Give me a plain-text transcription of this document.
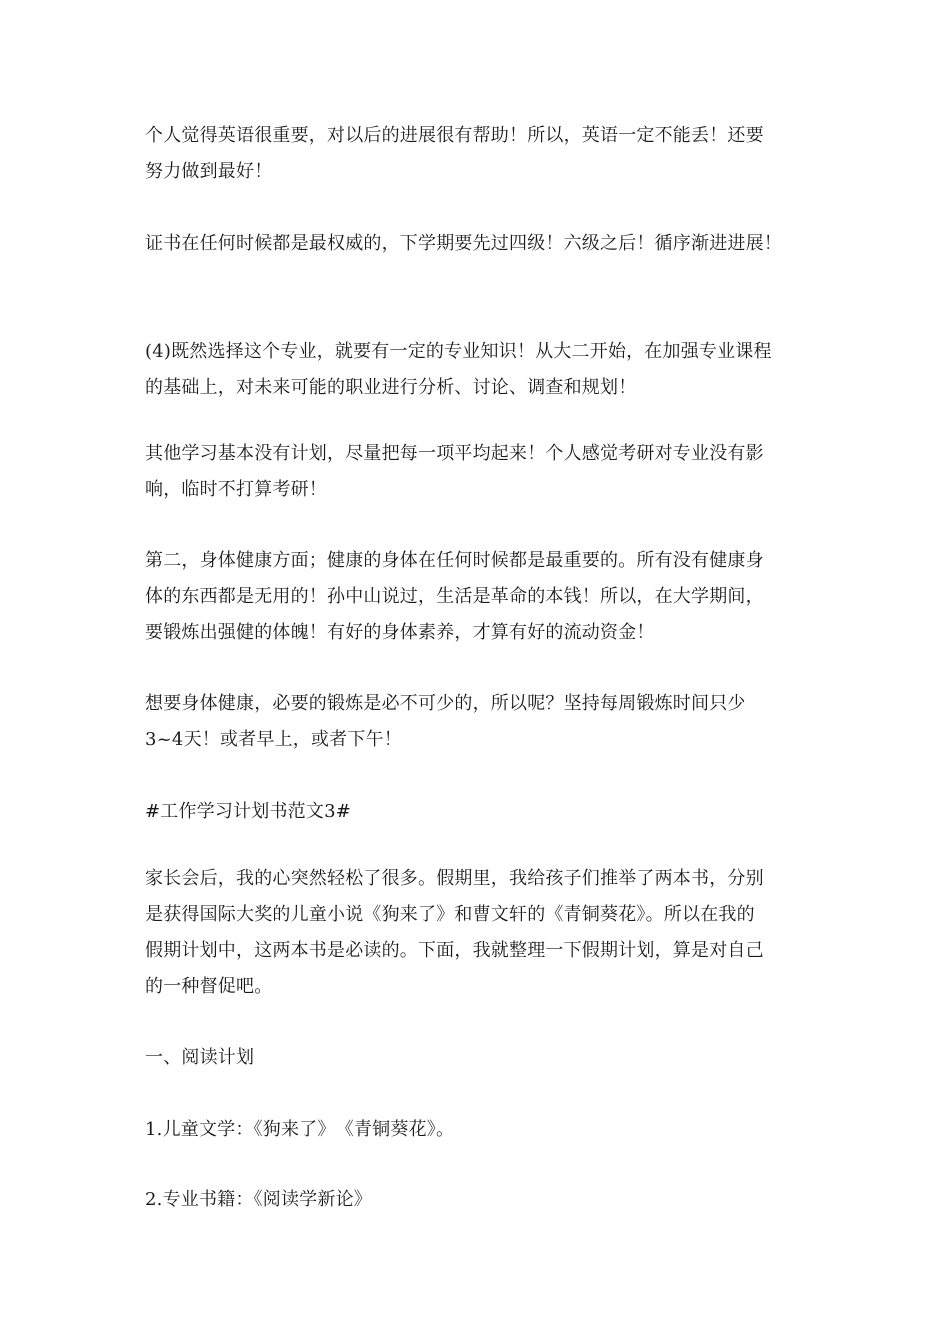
个人觉得英语很重要，对以后的进展很有帮助！所以，英语一定不能丢！还要
努力做到最好！

证书在任何时候都是最权威的，下学期要先过四级！六级之后！循序渐进进展！

(4)既然选择这个专业，就要有一定的专业知识！从大二开始，在加强专业课程
的基础上，对未来可能的职业进行分析、讨论、调查和规划！

其他学习基本没有计划，尽量把每一项平均起来！个人感觉考研对专业没有影
响，临时不打算考研！

第二，身体健康方面；健康的身体在任何时候都是最重要的。所有没有健康身
体的东西都是无用的！孙中山说过，生活是革命的本钱！所以，在大学期间，
要锻炼出强健的体魄！有好的身体素养，才算有好的流动资金！

想要身体健康，必要的锻炼是必不可少的，所以呢？坚持每周锻炼时间只少
3~4天！或者早上，或者下午！

#工作学习计划书范文3#

家长会后，我的心突然轻松了很多。假期里，我给孩子们推举了两本书，分别
是获得国际大奖的儿童小说《狗来了》和曹文轩的《青铜葵花》。所以在我的
假期计划中，这两本书是必读的。下面，我就整理一下假期计划，算是对自己
的一种督促吧。

一、阅读计划

1.儿童文学：《狗来了》　《青铜葵花》。

2.专业书籍：《阅读学新论》
